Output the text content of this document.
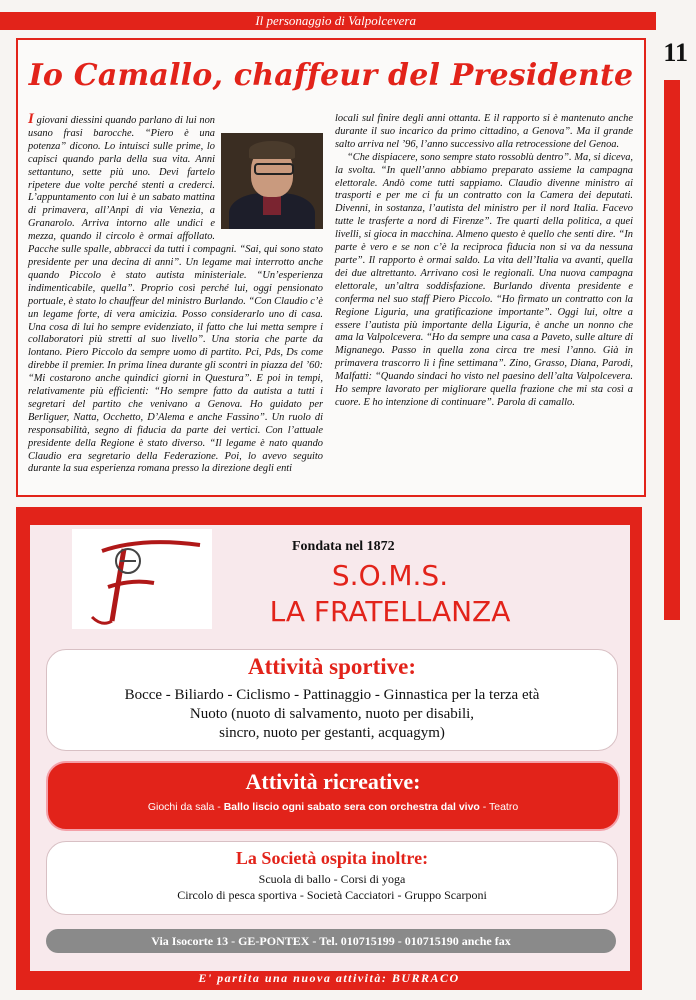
Il personaggio di Valpolcevera
11
Io Camallo, chaffeur del Presidente

I giovani diessini quando parlano di lui non usano frasi barocche. “Piero è una potenza” dicono. Lo intuisci sulle prime, lo capisci quando parla della sua vita. Anni settantuno, sette più uno. Devi fartelo ripetere due volte perché stenti a crederci. L’appuntamento con lui è un sabato mattina di primavera, all’Anpi di via Venezia, a Granarolo. Arriva intorno alle undici e mezza, quando il circolo è ormai affollato. Pacche sulle spalle, abbracci da tutti i compagni. “Sai, qui sono stato presidente per una decina di anni”. Un legame mai interrotto anche quando Piccolo è stato autista ministeriale. “Un’esperienza indimenticabile, quella”. Proprio così perché lui, oggi pensionato portuale, è stato lo chauffeur del ministro Burlando. “Con Claudio c’è un legame forte, di vera amicizia. Posso considerarlo uno di casa. Una cosa di lui ho sempre evidenziato, il fatto che lui metta sempre i collaboratori più stretti al suo livello”. Una storia che parte da lontano. Piero Piccolo da sempre uomo di partito. Pci, Pds, Ds come direbbe il premier. In prima linea durante gli scontri in piazza del ’60: “Mi costarono anche quindici giorni in Questura”. E poi in tempi, relativamente più efficienti: “Ho sempre fatto da autista a tutti i segretari del partito che venivano a Genova. Ho guidato per Berliguer, Natta, Occhetto, D’Alema e anche Fassino”. Un ruolo di responsabilità, segno di fiducia da parte dei vertici. Con l’attuale presidente della Regione è stato diverso. “Il legame è nato quando Claudio era segretario della Federazione. Poi, lo avevo seguito durante la sua esperienza romana presso la direzione degli enti

locali sul finire degli anni ottanta. E il rapporto si è mantenuto anche durante il suo incarico da primo cittadino, a Genova”. Ma il grande salto arriva nel ’96, l’anno successivo alla retrocessione del Genoa.

“Che dispiacere, sono sempre stato rossoblù dentro”. Ma, si diceva, la svolta. “In quell’anno abbiamo preparato assieme la campagna elettorale. Andò come tutti sappiamo. Claudio divenne ministro ai trasporti e per me ci fu un contratto con la Camera dei deputati. Divenni, in sostanza, l’autista del ministro per il nord Italia. Facevo tutte le trasferte a nord di Firenze”. Tre quarti della politica, a quei livelli, si gioca in macchina. Almeno questo è quello che senti dire. “In parte è vero e se non c’è la reciproca fiducia non si va da nessuna parte”. Il rapporto è ormai saldo. La vita dell’Italia va avanti, quella dei due altrettanto. Arrivano così le regionali. Una nuova campagna elettorale, un’altra soddisfazione. Burlando diventa presidente e conferma nel suo staff Piero Piccolo. “Ho firmato un contratto con la Regione Liguria, una gratificazione importante”. Oggi lui, oltre a essere l’autista più importante della Liguria, è anche un nonno che ama la Valpolcevera. “Ho da sempre una casa a Paveto, sulle alture di Mignanego. Passo in quella zona circa tre mesi l’anno. Già in primavera trascorro lì i fine settimana”. Zino, Grasso, Diana, Parodi, Malfatti: “Quando sindaci ho visto nel paesino dell’alta Valpolcevera. Ho sempre lavorato per migliorare quella frazione che mi sta così a cuore. E ho intenzione di continuare”. Parola di camallo.

Fondata nel 1872
S.O.M.S.
LA FRATELLANZA
Attività sportive:
Bocce - Biliardo - Ciclismo - Pattinaggio - Ginnastica per la terza età
Nuoto (nuoto di salvamento, nuoto per disabili,
sincro, nuoto per gestanti, acquagym)
Attività ricreative:
Giochi da sala - Ballo liscio ogni sabato sera con orchestra dal vivo - Teatro
La Società ospita inoltre:
Scuola di ballo - Corsi di yoga
Circolo di pesca sportiva - Società Cacciatori - Gruppo Scarponi
Via Isocorte 13 - GE-PONTEX - Tel. 010715199 - 010715190 anche fax
E' partita una nuova attività: BURRACO
